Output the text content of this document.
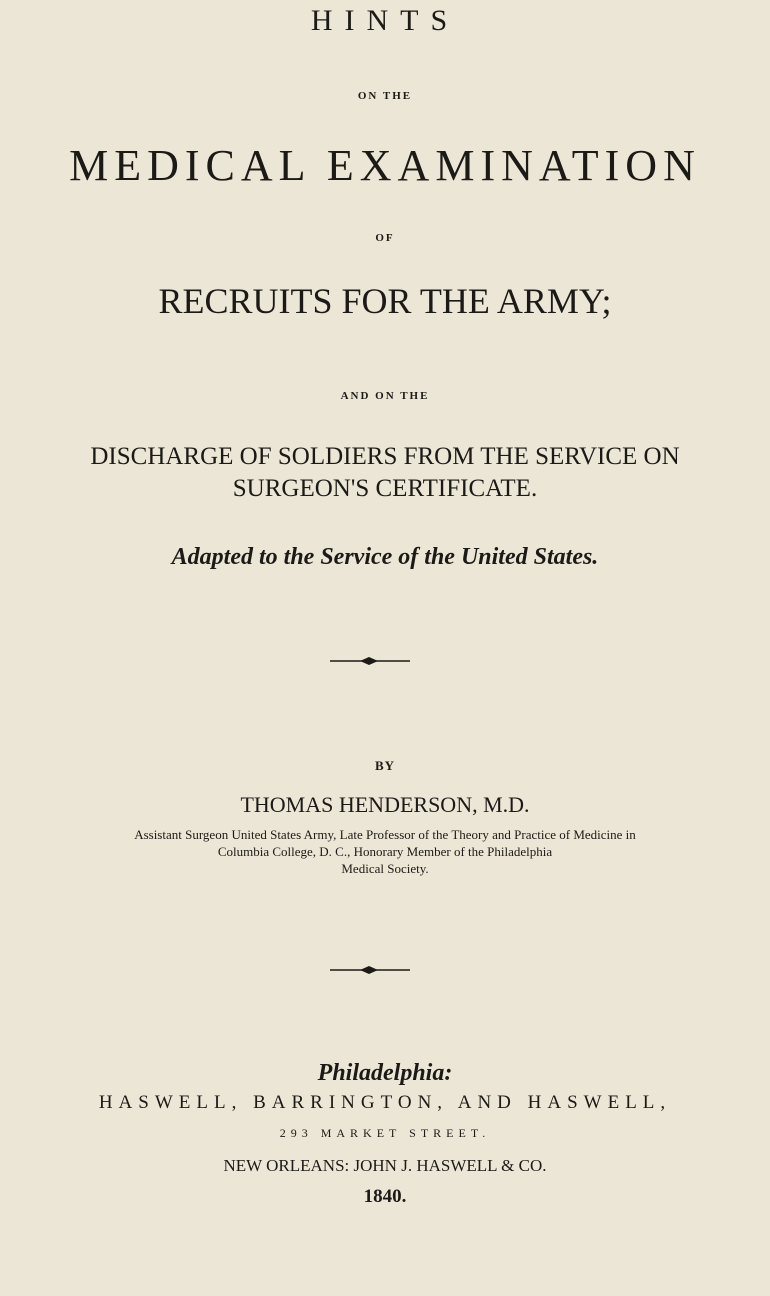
HINTS
ON THE
MEDICAL EXAMINATION
OF
RECRUITS FOR THE ARMY;
AND ON THE
DISCHARGE OF SOLDIERS FROM THE SERVICE ON
SURGEON'S CERTIFICATE.
Adapted to the Service of the United States.
BY
THOMAS HENDERSON, M.D.
Assistant Surgeon United States Army, Late Professor of the Theory and Practice of Medicine in
Columbia College, D. C., Honorary Member of the Philadelphia
Medical Society.
Philadelphia:
HASWELL, BARRINGTON, AND HASWELL,
293 MARKET STREET.
NEW ORLEANS: JOHN J. HASWELL & CO.
1840.
